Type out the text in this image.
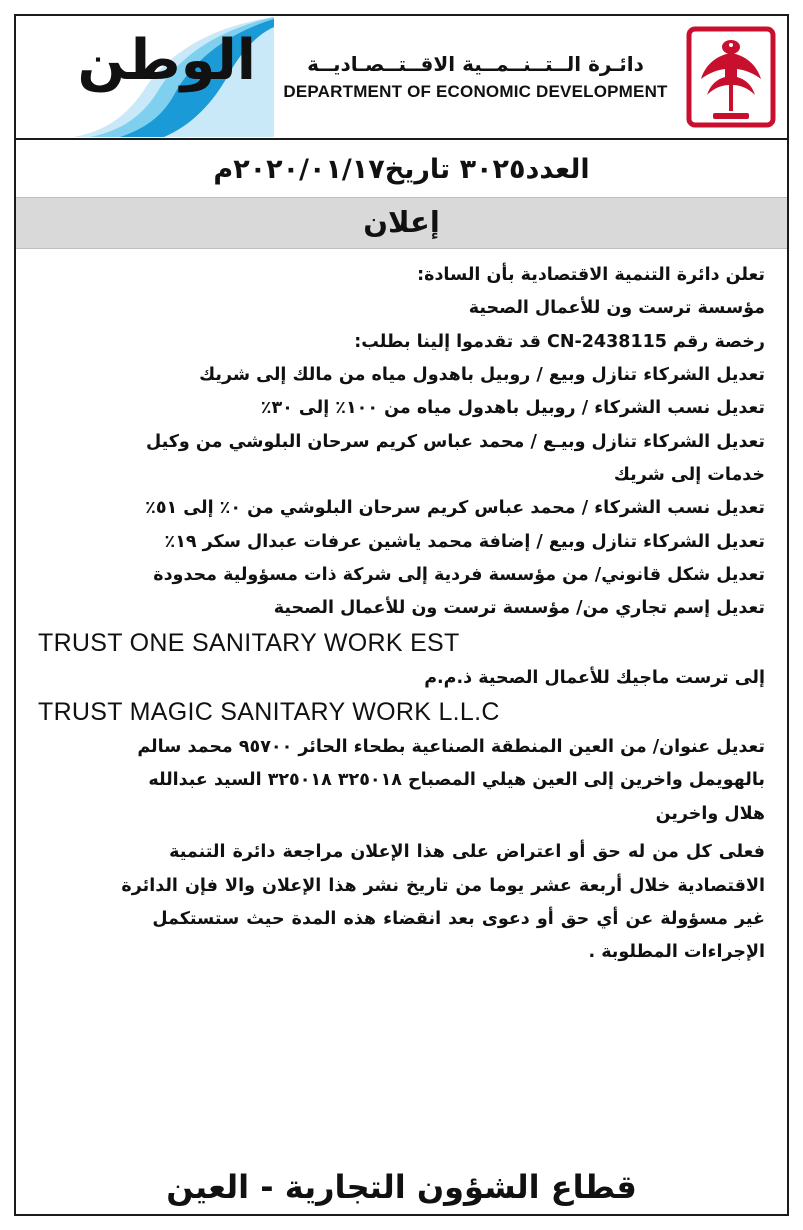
الوطن	دائـرة الــتــنــمــية الاقــتــصـاديــة
DEPARTMENT OF ECONOMIC DEVELOPMENT
العدد٣٠٢٥ تاريخ٢٠٢٠/٠١/١٧م
إعلان

تعلن دائرة التنمية الاقتصادية بأن السادة:

مؤسسة ترست ون للأعمال الصحية

رخصة رقم CN-2438115 قد تقدموا إلينا بطلب:

تعديل الشركاء تنازل وبيع / روبيل باهدول مياه من مالك إلى شريك

تعديل نسب الشركاء / روبيل باهدول مياه من ١٠٠٪ إلى ٣٠٪

تعديل الشركاء تنازل وبيـع / محمد عباس كريم سرحان البلوشي من وكيل

خدمات إلى شريك

تعديل نسب الشركاء / محمد عباس كريم سرحان البلوشي من ٠٪ إلى ٥١٪

تعديل الشركاء تنازل وبيع / إضافة محمد ياشين عرفات عبدال سكر ١٩٪

تعديل شكل قانوني/ من مؤسسة فردية إلى شركة ذات مسؤولية محدودة

تعديل إسم تجاري من/ مؤسسة ترست ون للأعمال الصحية

TRUST ONE SANITARY WORK EST

إلى ترست ماجيك للأعمال الصحية ذ.م.م

TRUST MAGIC SANITARY WORK L.L.C

تعديل عنوان/ من العين المنطقة الصناعية بطحاء الحائر ٩٥٧٠٠ محمد سالم

بالهويمل واخرين إلى العين هيلي المصباح ٣٢٥٠١٨ ٣٢٥٠١٨ السيد عبدالله

هلال واخرين

فعلى كل من له حق أو اعتراض على هذا الإعلان مراجعة دائرة التنمية

الاقتصادية خلال أربعة عشر يوما من تاريخ نشر هذا الإعلان والا فإن الدائرة

غير مسؤولة عن أي حق أو دعوى بعد انقضاء هذه المدة حيث ستستكمل

الإجراءات المطلوبة .

قطاع الشؤون التجارية - العين
